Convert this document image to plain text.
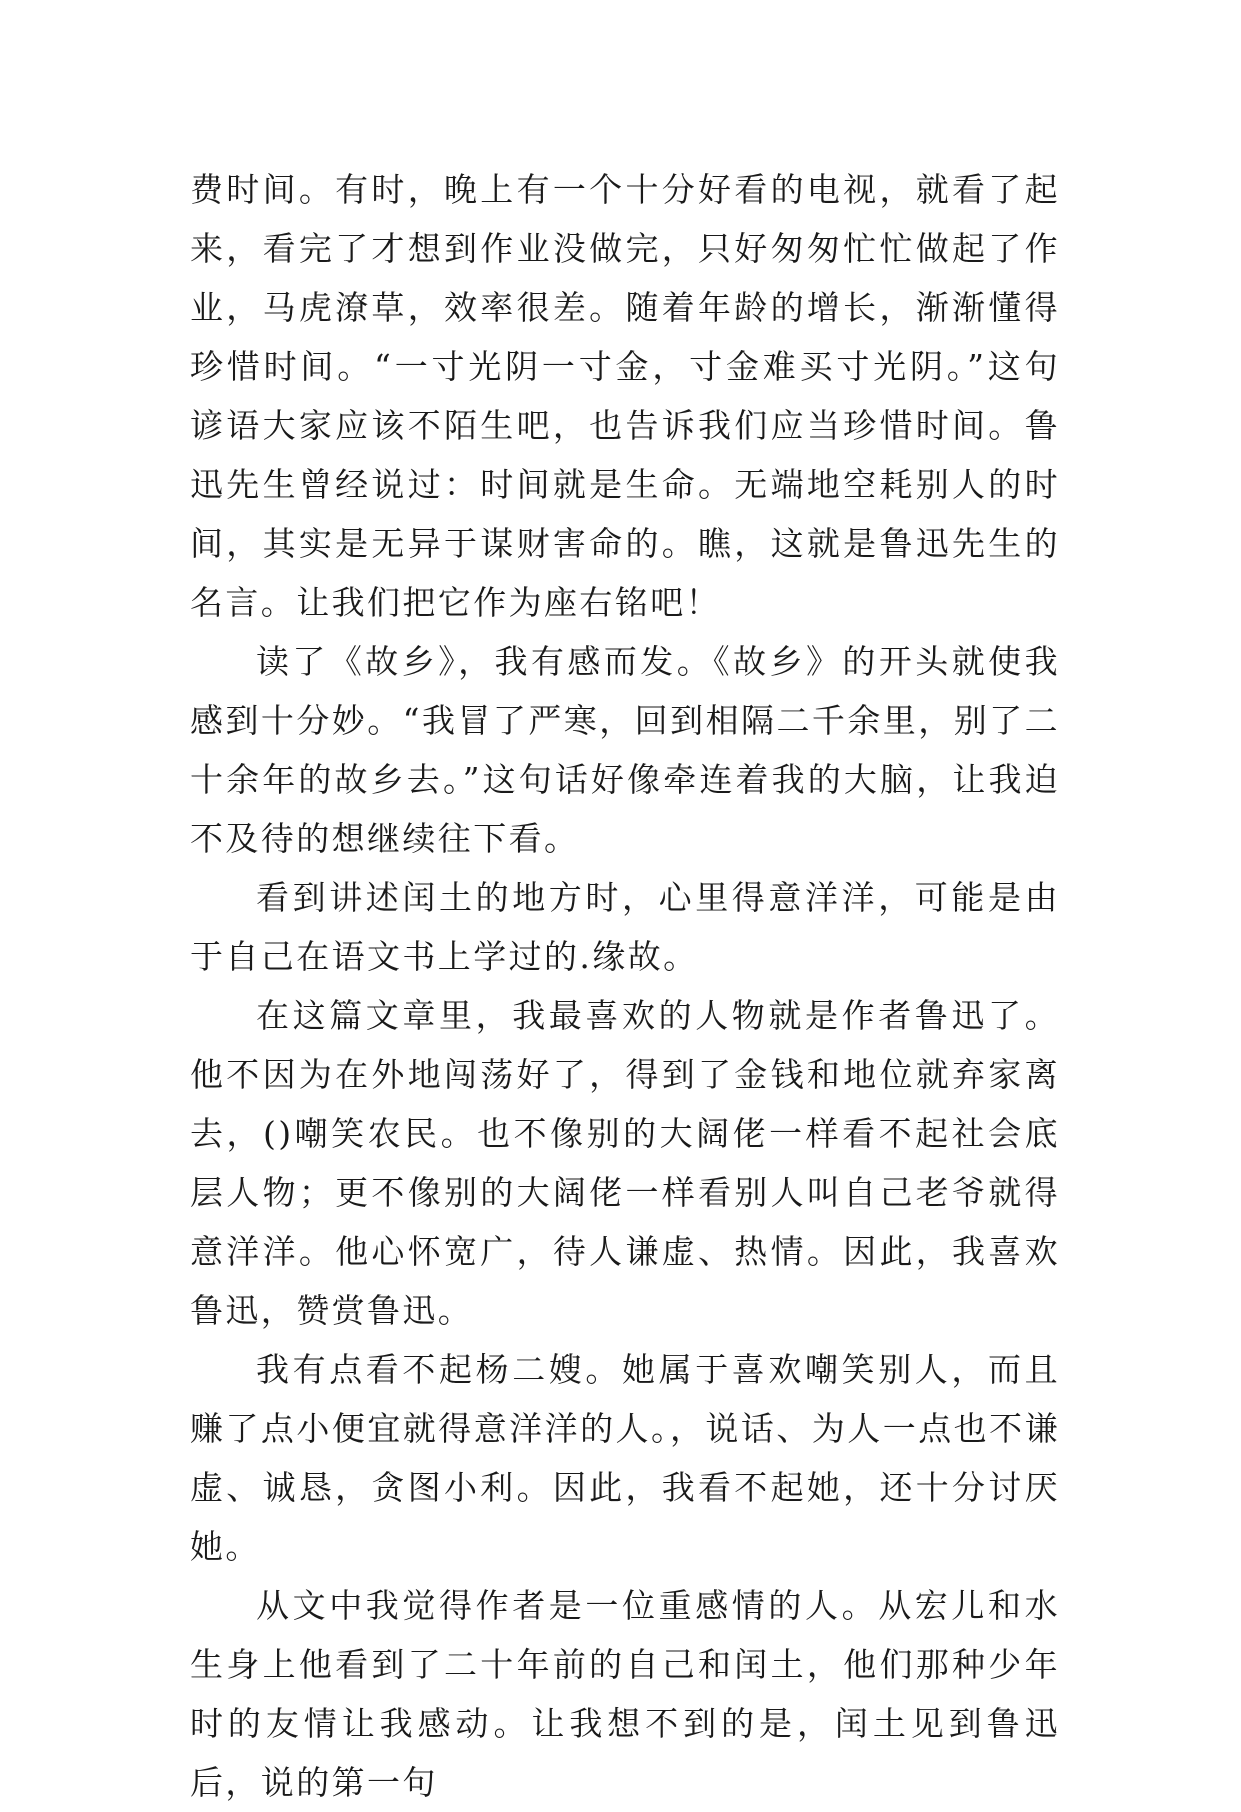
费时间。有时，晚上有一个十分好看的电视，就看了起来，看完了才想到作业没做完，只好匆匆忙忙做起了作业，马虎潦草，效率很差。随着年龄的增长，渐渐懂得珍惜时间。“一寸光阴一寸金，寸金难买寸光阴。”这句谚语大家应该不陌生吧，也告诉我们应当珍惜时间。鲁迅先生曾经说过：时间就是生命。无端地空耗别人的时间，其实是无异于谋财害命的。瞧，这就是鲁迅先生的名言。让我们把它作为座右铭吧！

读了《故乡》，我有感而发。《故乡》的开头就使我感到十分妙。“我冒了严寒，回到相隔二千余里，别了二十余年的故乡去。”这句话好像牵连着我的大脑，让我迫不及待的想继续往下看。

看到讲述闰土的地方时，心里得意洋洋，可能是由于自己在语文书上学过的.缘故。

在这篇文章里，我最喜欢的人物就是作者鲁迅了。他不因为在外地闯荡好了，得到了金钱和地位就弃家离去，()嘲笑农民。也不像别的大阔佬一样看不起社会底层人物；更不像别的大阔佬一样看别人叫自己老爷就得意洋洋。他心怀宽广，待人谦虚、热情。因此，我喜欢鲁迅，赞赏鲁迅。

我有点看不起杨二嫂。她属于喜欢嘲笑别人，而且赚了点小便宜就得意洋洋的人。，说话、为人一点也不谦虚、诚恳，贪图小利。因此，我看不起她，还十分讨厌她。

从文中我觉得作者是一位重感情的人。从宏儿和水生身上他看到了二十年前的自己和闰土，他们那种少年时的友情让我感动。让我想不到的是，闰土见到鲁迅后，说的第一句
